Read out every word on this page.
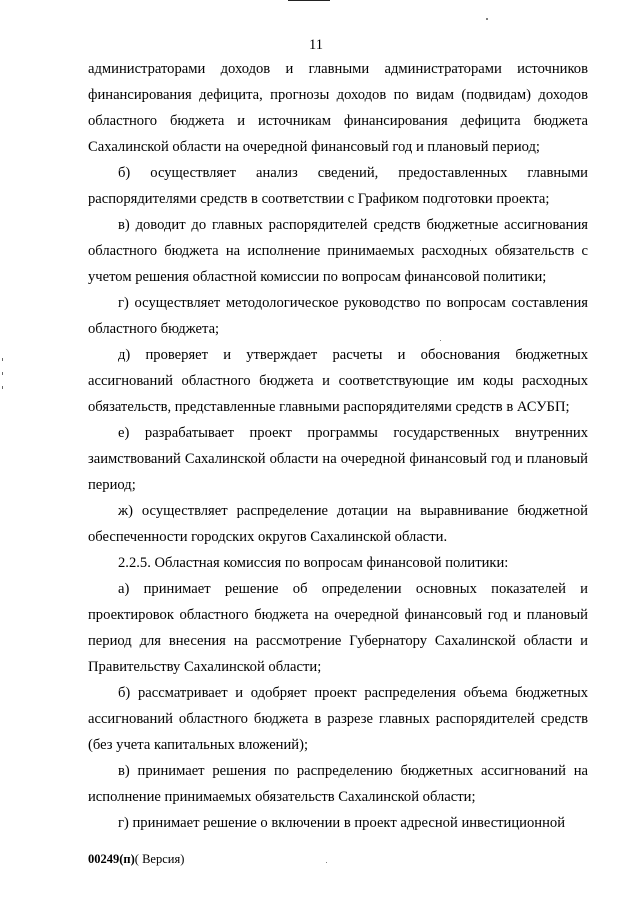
11

администраторами доходов и главными администраторами источников финансирования дефицита, прогнозы доходов по видам (подвидам) доходов областного бюджета и источникам финансирования дефицита бюджета Сахалинской области на очередной финансовый год и плановый период;

б) осуществляет анализ сведений, предоставленных главными распорядителями средств в соответствии с Графиком подготовки проекта;

в) доводит до главных распорядителей средств бюджетные ассигнования областного бюджета на исполнение принимаемых расходных обязательств с учетом решения областной комиссии по вопросам финансовой политики;

г) осуществляет методологическое руководство по вопросам составления областного бюджета;

д) проверяет и утверждает расчеты и обоснования бюджетных ассигнований областного бюджета и соответствующие им коды расходных обязательств, представленные главными распорядителями средств в АСУБП;

е) разрабатывает проект программы государственных внутренних заимствований Сахалинской области на очередной финансовый год и плановый период;

ж) осуществляет распределение дотации на выравнивание бюджетной обеспеченности городских округов Сахалинской области.

2.2.5. Областная комиссия по вопросам финансовой политики:

а) принимает решение об определении основных показателей и проектировок областного бюджета на очередной финансовый год и плановый период для внесения на рассмотрение Губернатору Сахалинской области и Правительству Сахалинской области;

б) рассматривает и одобряет проект распределения объема бюджетных ассигнований областного бюджета в разрезе главных распорядителей средств (без учета капитальных вложений);

в) принимает решения по распределению бюджетных ассигнований на исполнение принимаемых обязательств Сахалинской области;

г) принимает решение о включении в проект адресной инвестиционной

00249(п)( Версия)
